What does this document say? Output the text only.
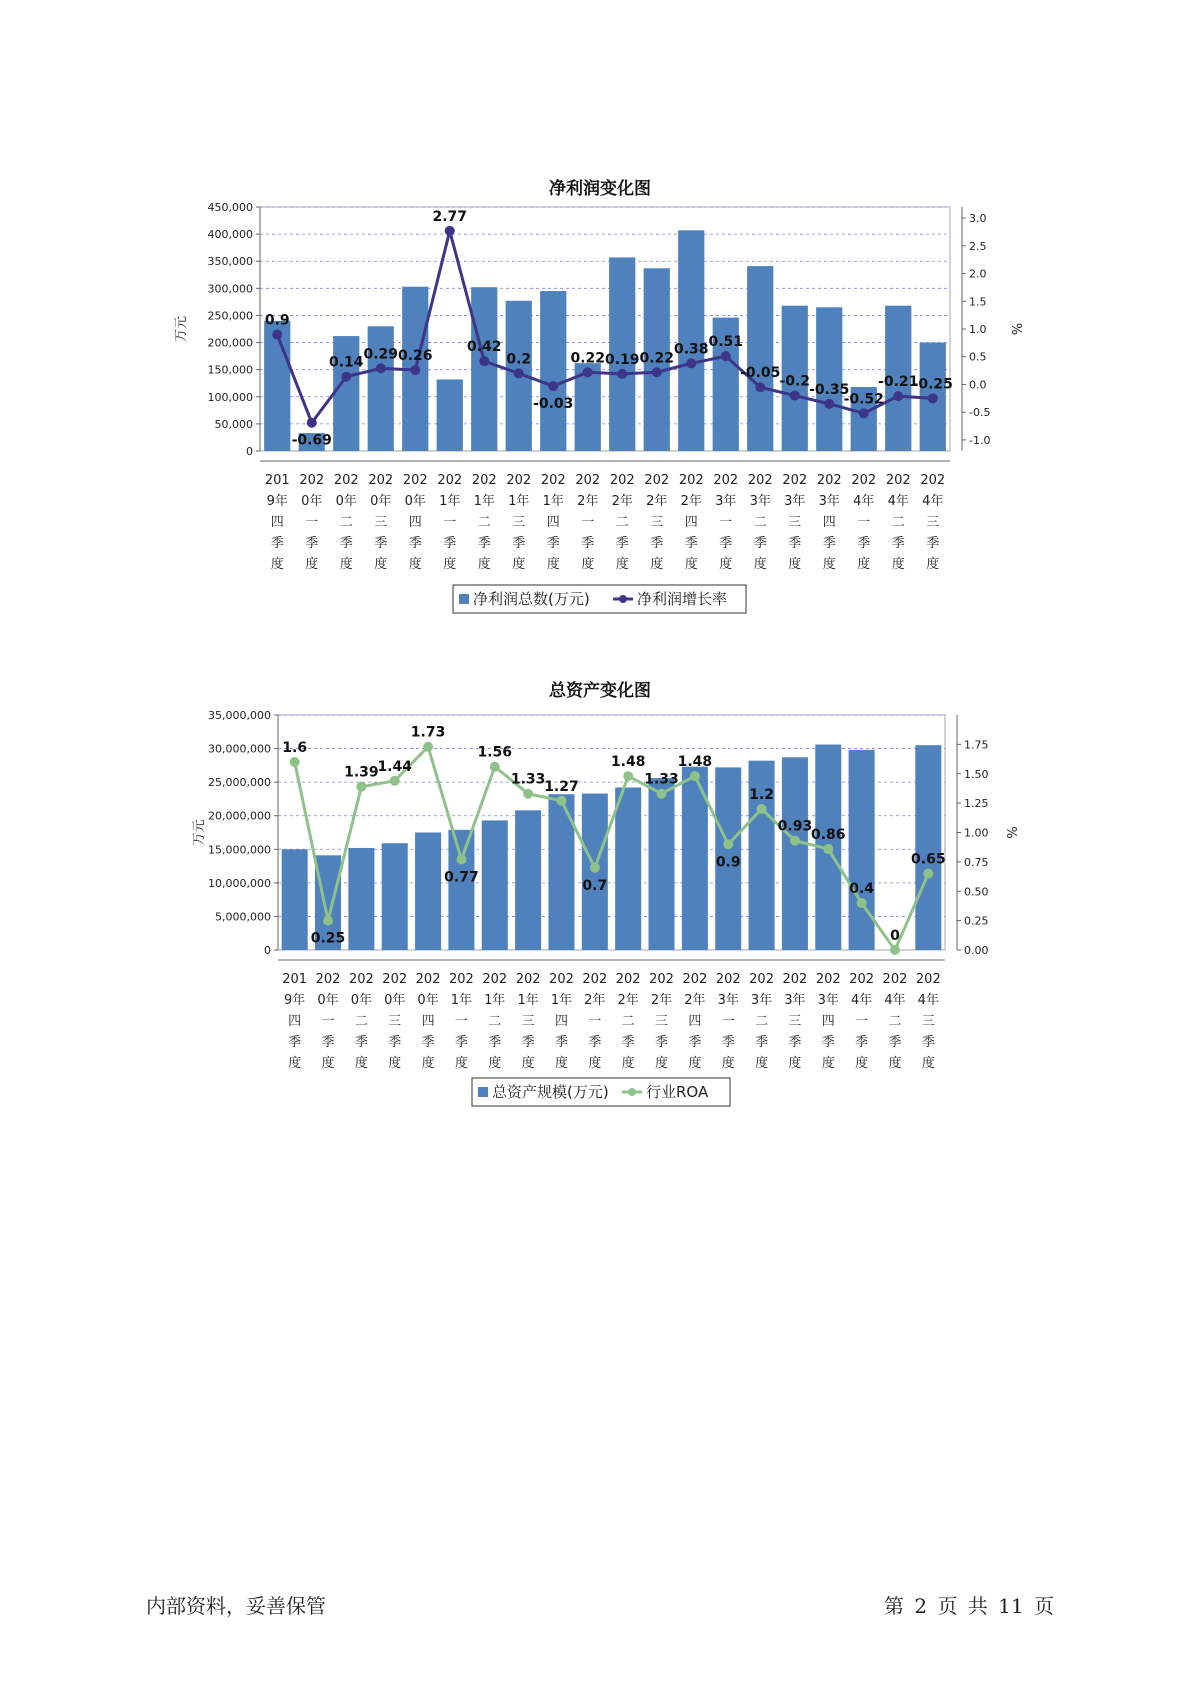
净利润变化图
0
50,000
100,000
150,000
200,000
250,000
300,000
350,000
400,000
450,000
万元
-1.0
-0.5
0.0
0.5
1.0
1.5
2.0
2.5
3.0
%
201
9年
四
季
度
202
0年
一
季
度
202
0年
二
季
度
202
0年
三
季
度
202
0年
四
季
度
202
1年
一
季
度
202
1年
二
季
度
202
1年
三
季
度
202
1年
四
季
度
202
2年
一
季
度
202
2年
二
季
度
202
2年
三
季
度
202
2年
四
季
度
202
3年
一
季
度
202
3年
二
季
度
202
3年
三
季
度
202
3年
四
季
度
202
4年
一
季
度
202
4年
二
季
度
202
4年
三
季
度
0.9
-0.69
0.14
0.29 0.26
2.77
0.42
0.2
-0.03
0.22 0.19 0.22
0.38 0.51
-0.05
-0.2
-0.35
-0.52
-0.21
-0.25
净利润总数(万元)	净利润增长率
总资产变化图
0
5,000,000
10,000,000
15,000,000
20,000,000
25,000,000
30,000,000
35,000,000
万元
0.00
0.25
0.50
0.75
1.00
1.25
1.50
1.75
%
201
9年
四
季
度
202
0年
一
季
度
202
0年
二
季
度
202
0年
三
季
度
202
0年
四
季
度
202
1年
一
季
度
202
1年
二
季
度
202
1年
三
季
度
202
1年
四
季
度
202
2年
一
季
度
202
2年
二
季
度
202
2年
三
季
度
202
2年
四
季
度
202
3年
一
季
度
202
3年
二
季
度
202
3年
三
季
度
202
3年
四
季
度
202
4年
一
季
度
202
4年
二
季
度
202
4年
三
季
度
1.6
0.25
1.39
1.44
1.73
0.77
1.56
1.33
1.27
0.7
1.48
1.33
1.48
0.9
1.2
0.93
0.86
0.4
0
0.65
总资产规模(万元) 行业ROA
内部资料，妥善保管	第 2 页 共 11 页
